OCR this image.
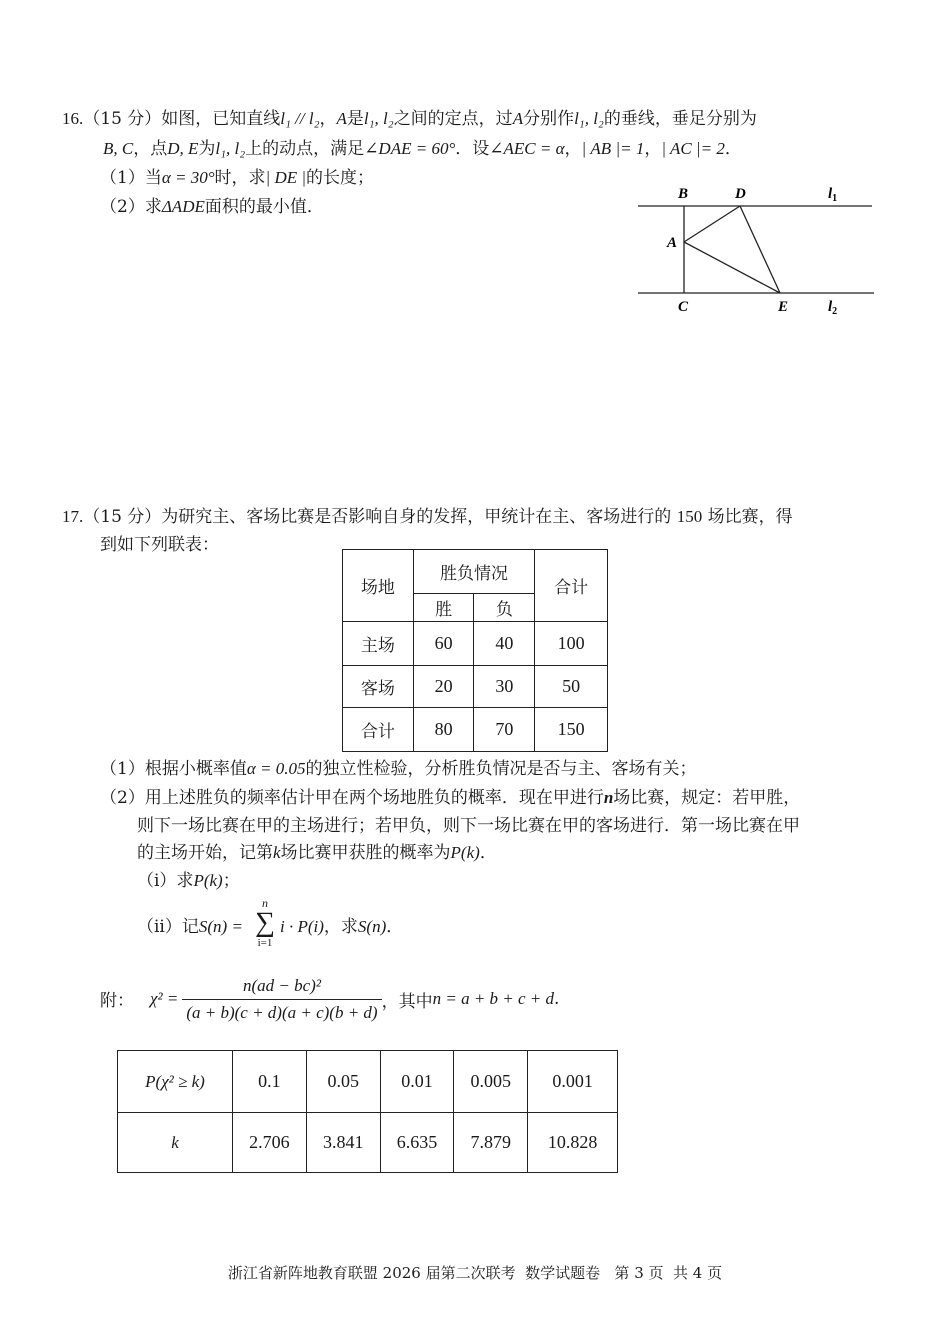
16.（15 分）如图，已知直线l₁ // l₂，A是l₁, l₂之间的定点，过A分别作l₁, l₂的垂线，垂足分别为
B, C，点D, E为l₁, l₂上的动点，满足∠DAE = 60°．设∠AEC = α，| AB |= 1，| AC |= 2．
（1）当α = 30°时，求| DE |的长度；
（2）求ΔADE面积的最小值．
B	D	$l_1$
A
C	E	$l_2$
17.（15 分）为研究主、客场比赛是否影响自身的发挥，甲统计在主、客场进行的 150 场比赛，得
到如下列联表：
场地	胜负情况		合计
	胜	负	
主场	60	40	100
客场	20	30	50
合计	80	70	150
（1）根据小概率值α = 0.05的独立性检验，分析胜负情况是否与主、客场有关；
（2）用上述胜负的频率估计甲在两个场地胜负的概率．现在甲进行n场比赛，规定：若甲胜，
则下一场比赛在甲的主场进行；若甲负，则下一场比赛在甲的客场进行．第一场比赛在甲
的主场开始，记第k场比赛甲获胜的概率为P(k)．
（i）求P(k)；
（ii）记S(n) =
n
∑
i=1
i · P(i)，求S(n)．
附： $\chi^2 = \frac{\text{n(ad − bc)²}}{(a + b)(c + d)(a + c)(b + d)}$ ，其中 n = a + b + c + d .
P(χ² ≥ k)	0.1	0.05	0.01	0.005	0.001
k	2.706	3.841	6.635	7.879	10.828
浙江省新阵地教育联盟 2026 届第二次联考  数学试题卷   第 3 页  共 4 页
